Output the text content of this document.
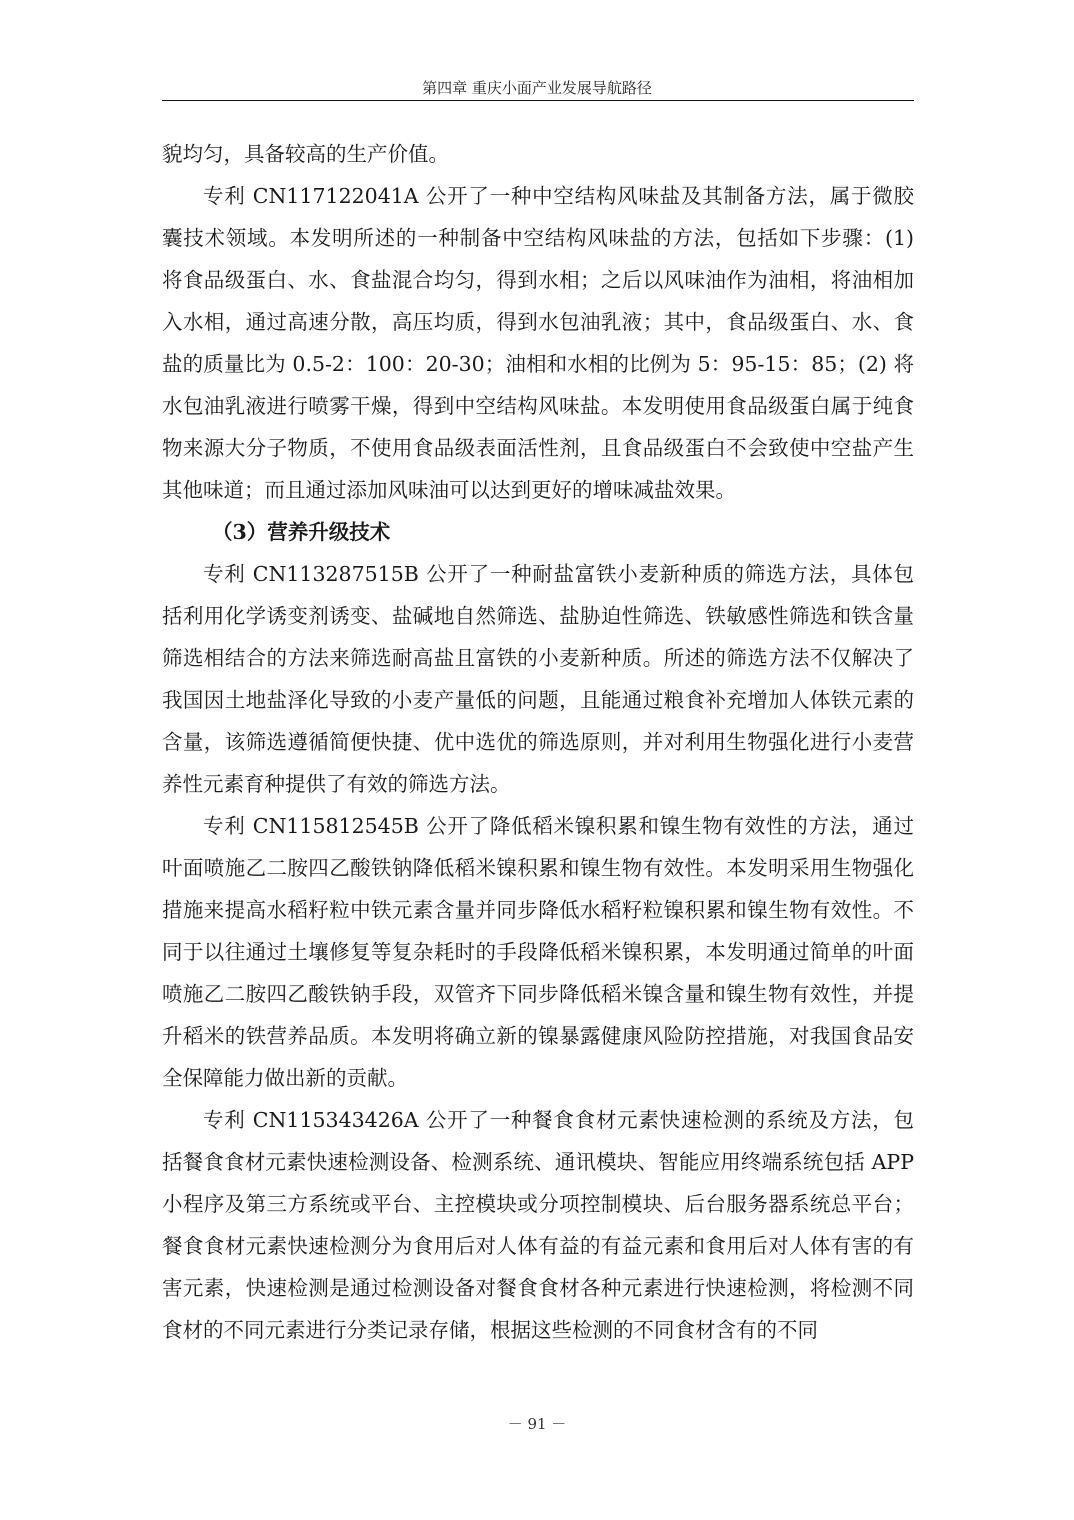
第四章 重庆小面产业发展导航路径

貌均匀，具备较高的生产价值。

专利 CN117122041A 公开了一种中空结构风味盐及其制备方法，属于微胶囊技术领域。本发明所述的一种制备中空结构风味盐的方法，包括如下步骤：(1) 将食品级蛋白、水、食盐混合均匀，得到水相；之后以风味油作为油相，将油相加入水相，通过高速分散，高压均质，得到水包油乳液；其中，食品级蛋白、水、食盐的质量比为 0.5-2：100：20-30；油相和水相的比例为 5：95-15：85；(2) 将水包油乳液进行喷雾干燥，得到中空结构风味盐。本发明使用食品级蛋白属于纯食物来源大分子物质，不使用食品级表面活性剂，且食品级蛋白不会致使中空盐产生其他味道；而且通过添加风味油可以达到更好的增味减盐效果。

（3）营养升级技术

专利 CN113287515B 公开了一种耐盐富铁小麦新种质的筛选方法，具体包括利用化学诱变剂诱变、盐碱地自然筛选、盐胁迫性筛选、铁敏感性筛选和铁含量筛选相结合的方法来筛选耐高盐且富铁的小麦新种质。所述的筛选方法不仅解决了我国因土地盐泽化导致的小麦产量低的问题，且能通过粮食补充增加人体铁元素的含量，该筛选遵循简便快捷、优中选优的筛选原则，并对利用生物强化进行小麦营养性元素育种提供了有效的筛选方法。

专利 CN115812545B 公开了降低稻米镍积累和镍生物有效性的方法，通过叶面喷施乙二胺四乙酸铁钠降低稻米镍积累和镍生物有效性。本发明采用生物强化措施来提高水稻籽粒中铁元素含量并同步降低水稻籽粒镍积累和镍生物有效性。不同于以往通过土壤修复等复杂耗时的手段降低稻米镍积累，本发明通过简单的叶面喷施乙二胺四乙酸铁钠手段，双管齐下同步降低稻米镍含量和镍生物有效性，并提升稻米的铁营养品质。本发明将确立新的镍暴露健康风险防控措施，对我国食品安全保障能力做出新的贡献。

专利 CN115343426A 公开了一种餐食食材元素快速检测的系统及方法，包括餐食食材元素快速检测设备、检测系统、通讯模块、智能应用终端系统包括 APP 小程序及第三方系统或平台、主控模块或分项控制模块、后台服务器系统总平台；餐食食材元素快速检测分为食用后对人体有益的有益元素和食用后对人体有害的有害元素，快速检测是通过检测设备对餐食食材各种元素进行快速检测，将检测不同食材的不同元素进行分类记录存储，根据这些检测的不同食材含有的不同

－ 91 －
